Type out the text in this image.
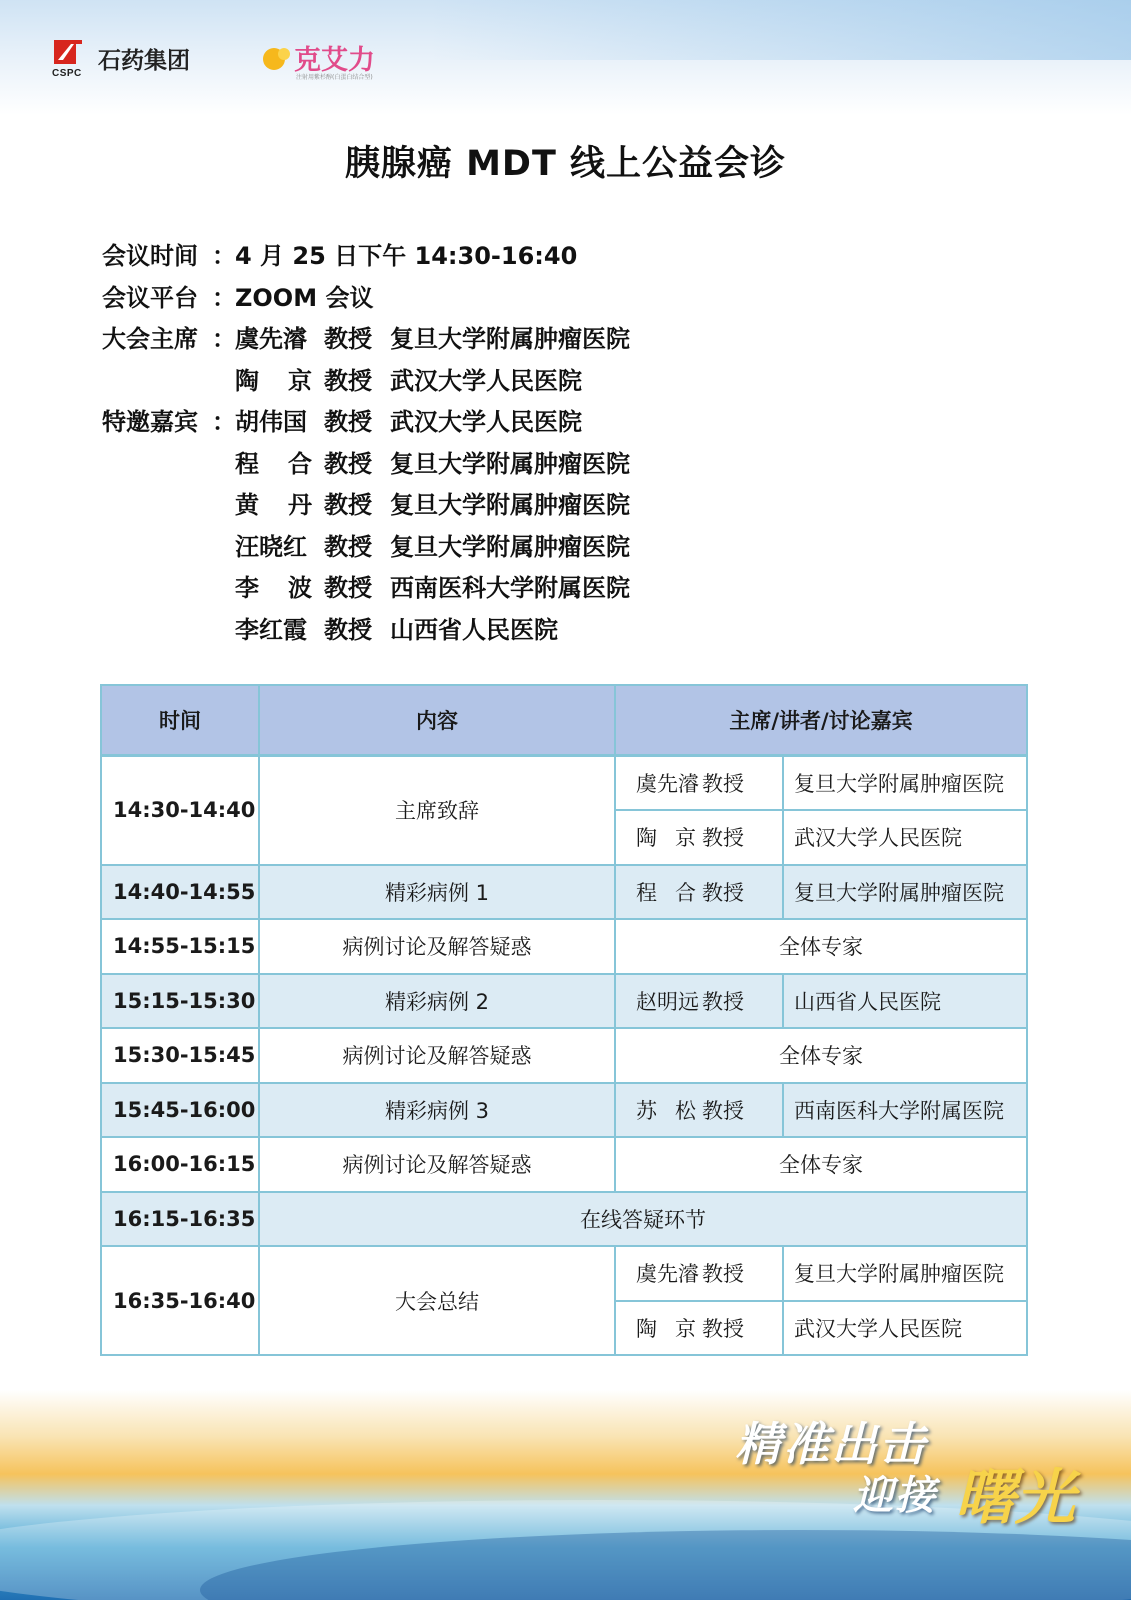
CSPC 石药集团	克艾力
注射用紫杉醇(白蛋白结合型)
胰腺癌 MDT 线上公益会诊
会议时间 ： 4 月 25 日下午 14:30-16:40
会议平台 ： ZOOM 会议
大会主席 ： 虞先濬 教授 复旦大学附属肿瘤医院
陶 京 教授 武汉大学人民医院
特邀嘉宾 ： 胡伟国 教授 武汉大学人民医院
程 合 教授 复旦大学附属肿瘤医院
黄 丹 教授 复旦大学附属肿瘤医院
汪晓红 教授 复旦大学附属肿瘤医院
李 波 教授 西南医科大学附属医院
李红霞 教授 山西省人民医院
时间	内容	主席/讲者/讨论嘉宾	
14:30-14:40	主席致辞	虞先濬 教授	复旦大学附属肿瘤医院

		陶 京 教授	武汉大学人民医院
14:40-14:55	精彩病例 1	程 合 教授	复旦大学附属肿瘤医院
14:55-15:15	病例讨论及解答疑惑	全体专家	
15:15-15:30	精彩病例 2	赵明远 教授	山西省人民医院
15:30-15:45	病例讨论及解答疑惑	全体专家	
15:45-16:00	精彩病例 3	苏 松 教授	西南医科大学附属医院
16:00-16:15	病例讨论及解答疑惑	全体专家	
16:15-16:35	在线答疑环节		
16:35-16:40	大会总结	虞先濬 教授	复旦大学附属肿瘤医院

		陶 京 教授	武汉大学人民医院
精准出击
迎接 曙光
